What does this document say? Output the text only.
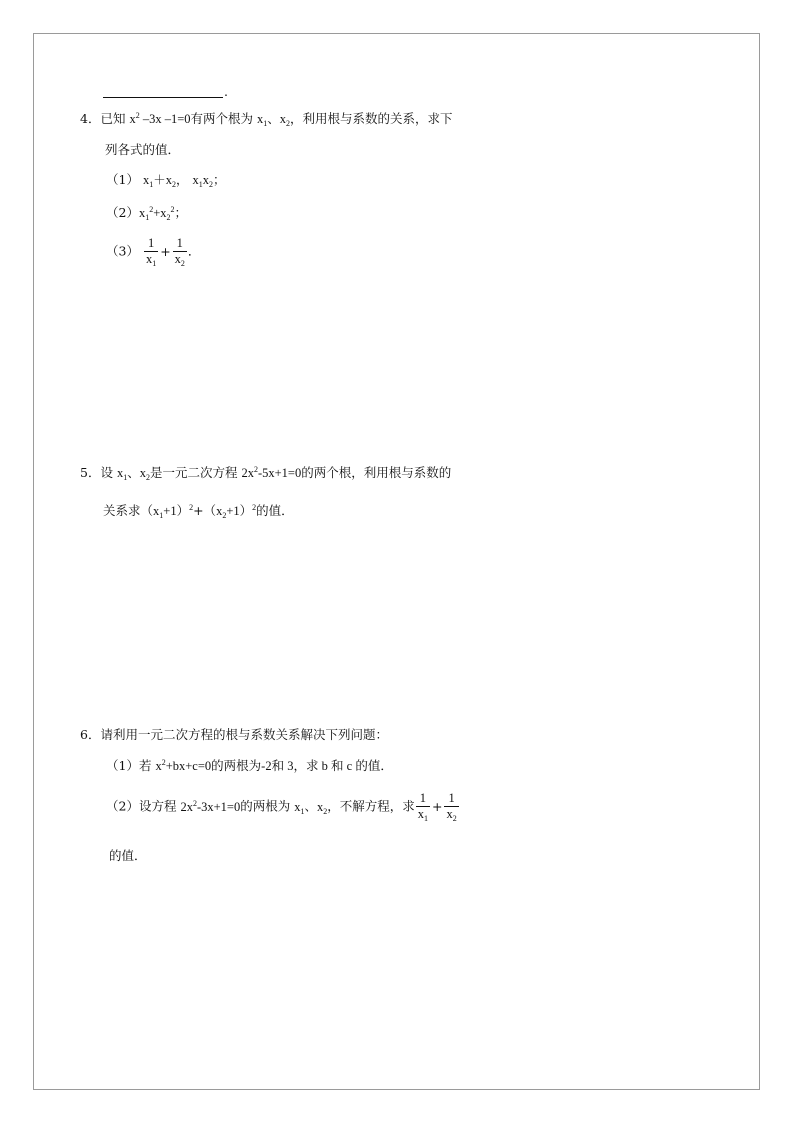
.
4．已知 $x^2$ –3x –1=0有两个根为 $x_1$、$x_2$，利用根与系数的关系，求下
列各式的值．
（1） $x_1+x_2$， $x_1x_2$；
$(2)x_1^2+x_2^2$；
$(3) \frac{1}{x_1} + \frac{1}{x_2}$ ．
5．设 $x_1$、$x_2$是一元二次方程 $2x^2-5x+1=0$的两个根，利用根与系数的
关系求$(x_1+1)^2+(x_2+1)^2$的值．
6．请利用一元二次方程的根与系数关系解决下列问题：
（1）若 $x^2+bx+c=0$的两根为-2和 3，求 b 和 c 的值．
（2）设方程 $2x^2-3x+1=0$的两根为 $x_1$、$x_2$，不解方程，求 $\frac{1}{x_1} + \frac{1}{x_2}$
的值．
